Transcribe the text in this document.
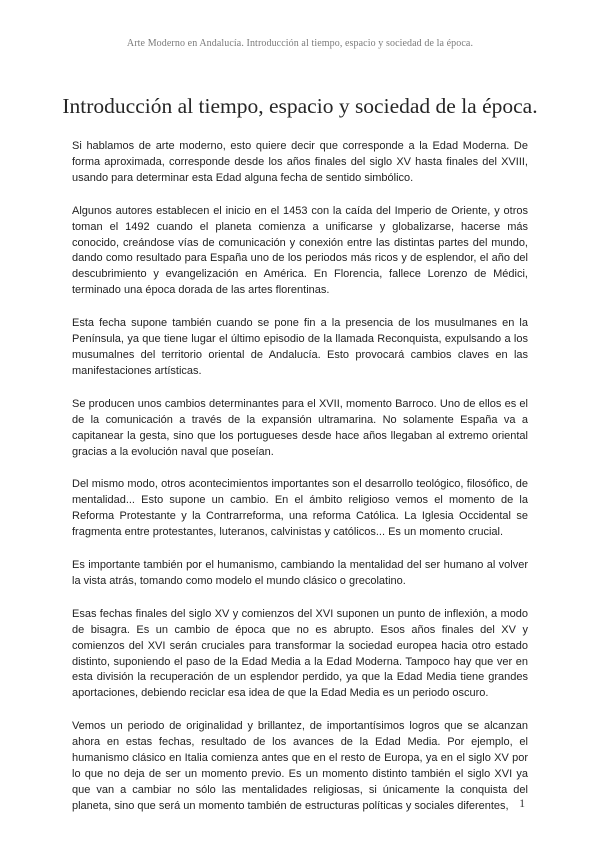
Arte Moderno en Andalucía. Introducción al tiempo, espacio y sociedad de la época.
Introducción al tiempo, espacio y sociedad de la época.

Si hablamos de arte moderno, esto quiere decir que corresponde a la Edad Moderna. De forma aproximada, corresponde desde los años finales del siglo XV hasta finales del XVIII, usando para determinar esta Edad alguna fecha de sentido simbólico.

Algunos autores establecen el inicio en el 1453 con la caída del Imperio de Oriente, y otros toman el 1492 cuando el planeta comienza a unificarse y globalizarse, hacerse más conocido, creándose vías de comunicación y conexión entre las distintas partes del mundo, dando como resultado para España uno de los periodos más ricos y de esplendor, el año del descubrimiento y evangelización en América. En Florencia, fallece Lorenzo de Médici, terminado una época dorada de las artes florentinas.

Esta fecha supone también cuando se pone fin a la presencia de los musulmanes en la Península, ya que tiene lugar el último episodio de la llamada Reconquista, expulsando a los musumalnes del territorio oriental de Andalucía. Esto provocará cambios claves en las manifestaciones artísticas.

Se producen unos cambios determinantes para el XVII, momento Barroco. Uno de ellos es el de la comunicación a través de la expansión ultramarina. No solamente España va a capitanear la gesta, sino que los portugueses desde hace años llegaban al extremo oriental gracias a la evolución naval que poseían.

Del mismo modo, otros acontecimientos importantes son el desarrollo teológico, filosófico, de mentalidad... Esto supone un cambio. En el ámbito religioso vemos el momento de la Reforma Protestante y la Contrarreforma, una reforma Católica. La Iglesia Occidental se fragmenta entre protestantes, luteranos, calvinistas y católicos... Es un momento crucial.

Es importante también por el humanismo, cambiando la mentalidad del ser humano al volver la vista atrás, tomando como modelo el mundo clásico o grecolatino.

Esas fechas finales del siglo XV y comienzos del XVI suponen un punto de inflexión, a modo de bisagra. Es un cambio de época que no es abrupto. Esos años finales del XV y comienzos del XVI serán cruciales para transformar la sociedad europea hacia otro estado distinto, suponiendo el paso de la Edad Media a la Edad Moderna. Tampoco hay que ver en esta división la recuperación de un esplendor perdido, ya que la Edad Media tiene grandes aportaciones, debiendo reciclar esa idea de que la Edad Media es un periodo oscuro.

Vemos un periodo de originalidad y brillantez, de importantísimos logros que se alcanzan ahora en estas fechas, resultado de los avances de la Edad Media. Por ejemplo, el humanismo clásico en Italia comienza antes que en el resto de Europa, ya en el siglo XV por lo que no deja de ser un momento previo. Es un momento distinto también el siglo XVI ya que van a cambiar no sólo las mentalidades religiosas, si únicamente la conquista del planeta, sino que será un momento también de estructuras políticas y sociales diferentes, 1
